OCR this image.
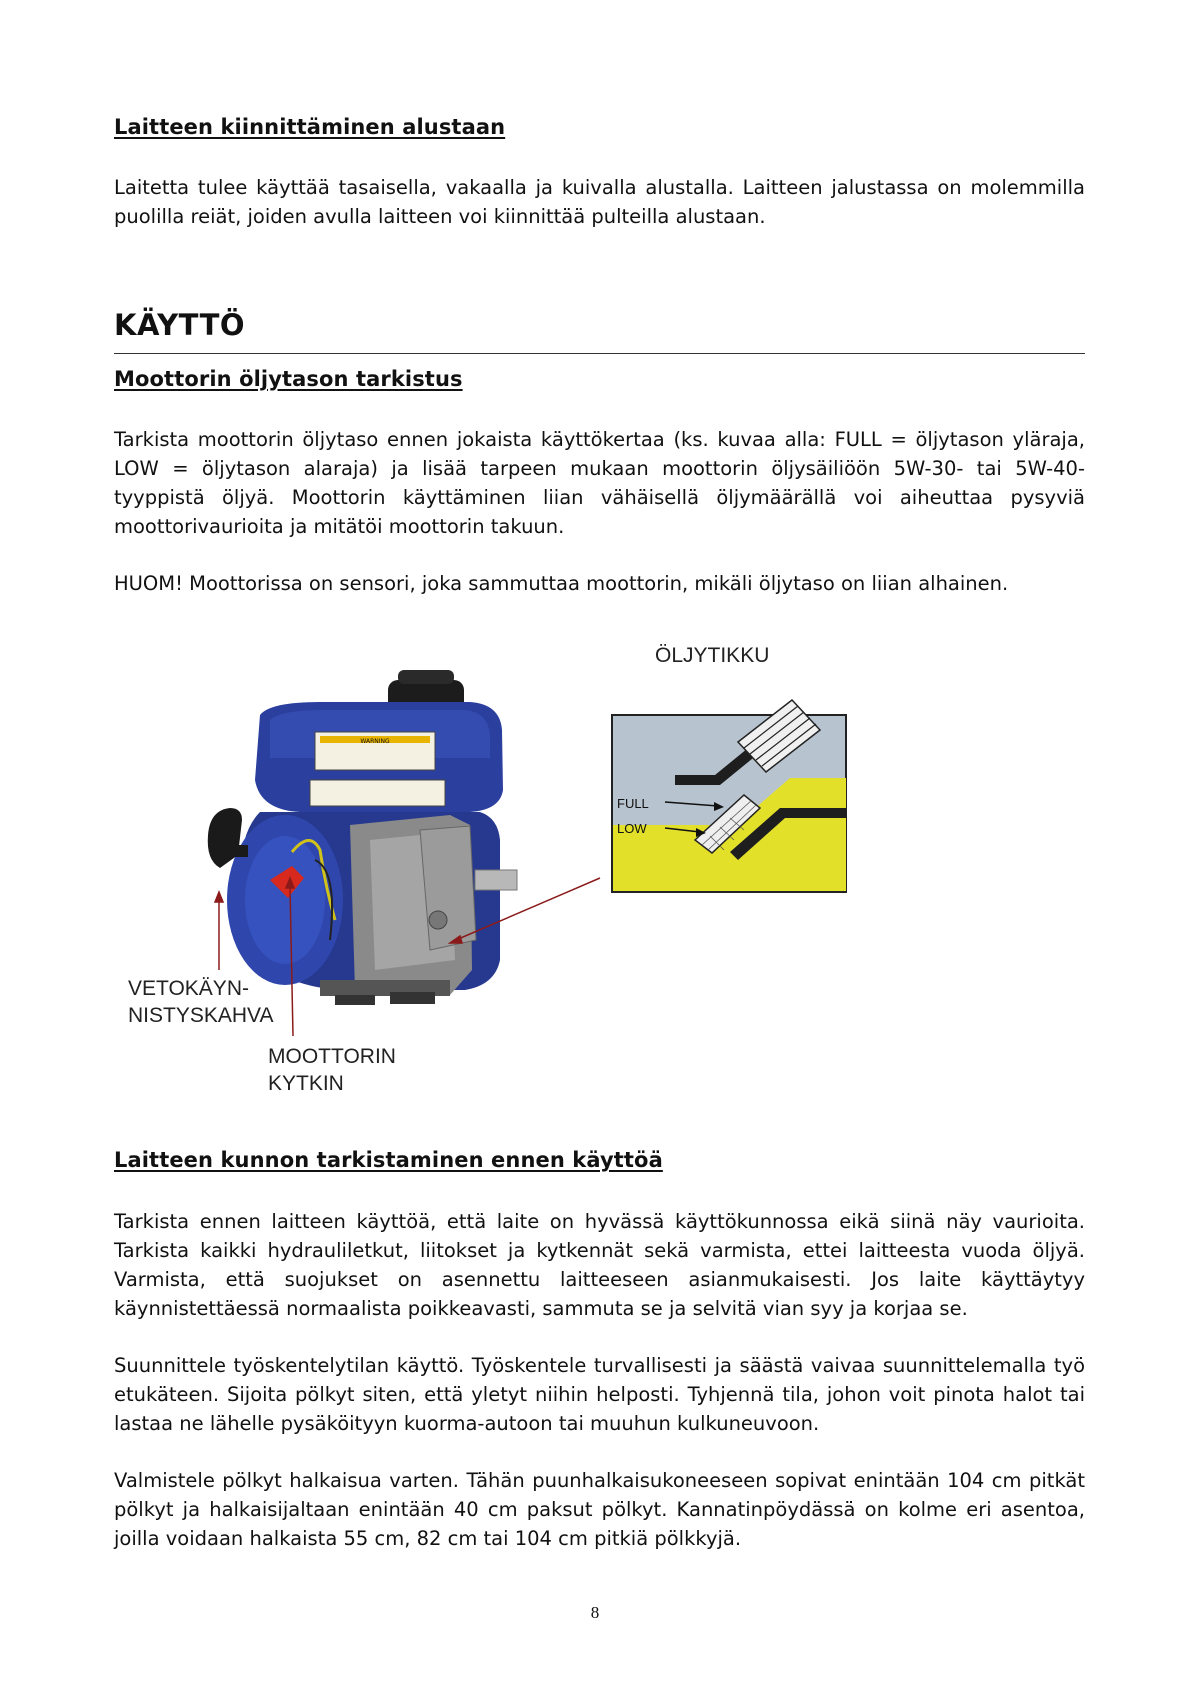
Laitteen kiinnittäminen alustaan

Laitetta tulee käyttää tasaisella, vakaalla ja kuivalla alustalla. Laitteen jalustassa on molemmilla puolilla reiät, joiden avulla laitteen voi kiinnittää pulteilla alustaan.

KÄYTTÖ
Moottorin öljytason tarkistus

Tarkista moottorin öljytaso ennen jokaista käyttökertaa (ks. kuvaa alla: FULL = öljytason yläraja, LOW = öljytason alaraja) ja lisää tarpeen mukaan moottorin öljysäiliöön 5W-30- tai 5W-40-tyyppistä öljyä. Moottorin käyttäminen liian vähäisellä öljymäärällä voi aiheuttaa pysyviä moottorivaurioita ja mitätöi moottorin takuun.

HUOM! Moottorissa on sensori, joka sammuttaa moottorin, mikäli öljytaso on liian alhainen.

WARNING
FULL
LOW
ÖLJYTIKKU
VETOKÄYN-
NISTYSKAHVA
MOOTTORIN
KYTKIN
Laitteen kunnon tarkistaminen ennen käyttöä

Tarkista ennen laitteen käyttöä, että laite on hyvässä käyttökunnossa eikä siinä näy vaurioita. Tarkista kaikki hydrauliletkut, liitokset ja kytkennät sekä varmista, ettei laitteesta vuoda öljyä. Varmista, että suojukset on asennettu laitteeseen asianmukaisesti. Jos laite käyttäytyy käynnistettäessä normaalista poikkeavasti, sammuta se ja selvitä vian syy ja korjaa se.

Suunnittele työskentelytilan käyttö. Työskentele turvallisesti ja säästä vaivaa suunnittelemalla työ etukäteen. Sijoita pölkyt siten, että yletyt niihin helposti. Tyhjennä tila, johon voit pinota halot tai lastaa ne lähelle pysäköityyn kuorma-autoon tai muuhun kulkuneuvoon.

Valmistele pölkyt halkaisua varten. Tähän puunhalkaisukoneeseen sopivat enintään 104 cm pitkät pölkyt ja halkaisijaltaan enintään 40 cm paksut pölkyt. Kannatinpöydässä on kolme eri asentoa, joilla voidaan halkaista 55 cm, 82 cm tai 104 cm pitkiä pölkkyjä.

8
